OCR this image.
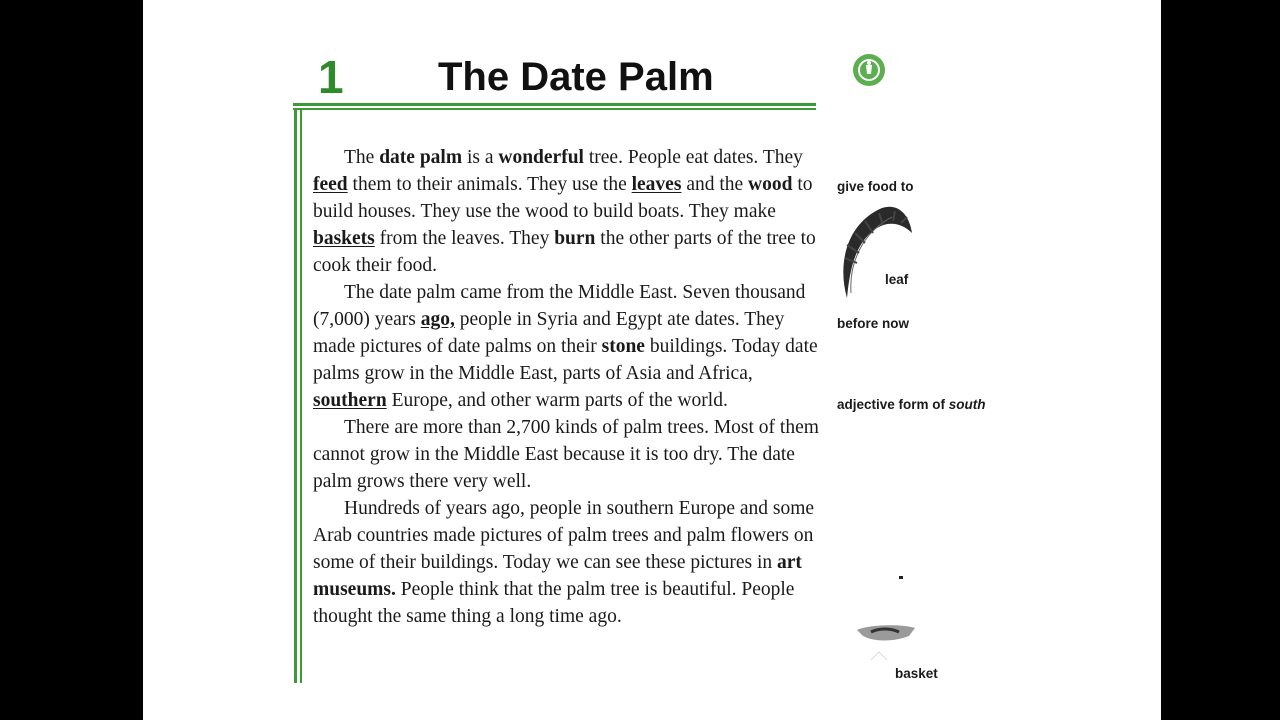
1 The Date Palm

The date palm is a wonderful tree. People eat dates. They feed them to their animals. They use the leaves and the wood to build houses. They use the wood to build boats. They make baskets from the leaves. They burn the other parts of the tree to cook their food.

The date palm came from the Middle East. Seven thousand (7,000) years ago, people in Syria and Egypt ate dates. They made pictures of date palms on their stone buildings. Today date palms grow in the Middle East, parts of Asia and Africa, southern Europe, and other warm parts of the world.

There are more than 2,700 kinds of palm trees. Most of them cannot grow in the Middle East because it is too dry. The date palm grows there very well.

Hundreds of years ago, people in southern Europe and some Arab countries made pictures of palm trees and palm flowers on some of their buildings. Today we can see these pictures in art museums. People think that the palm tree is beautiful. People thought the same thing a long time ago.

give food to
leaf
before now
adjective form of south
basket
